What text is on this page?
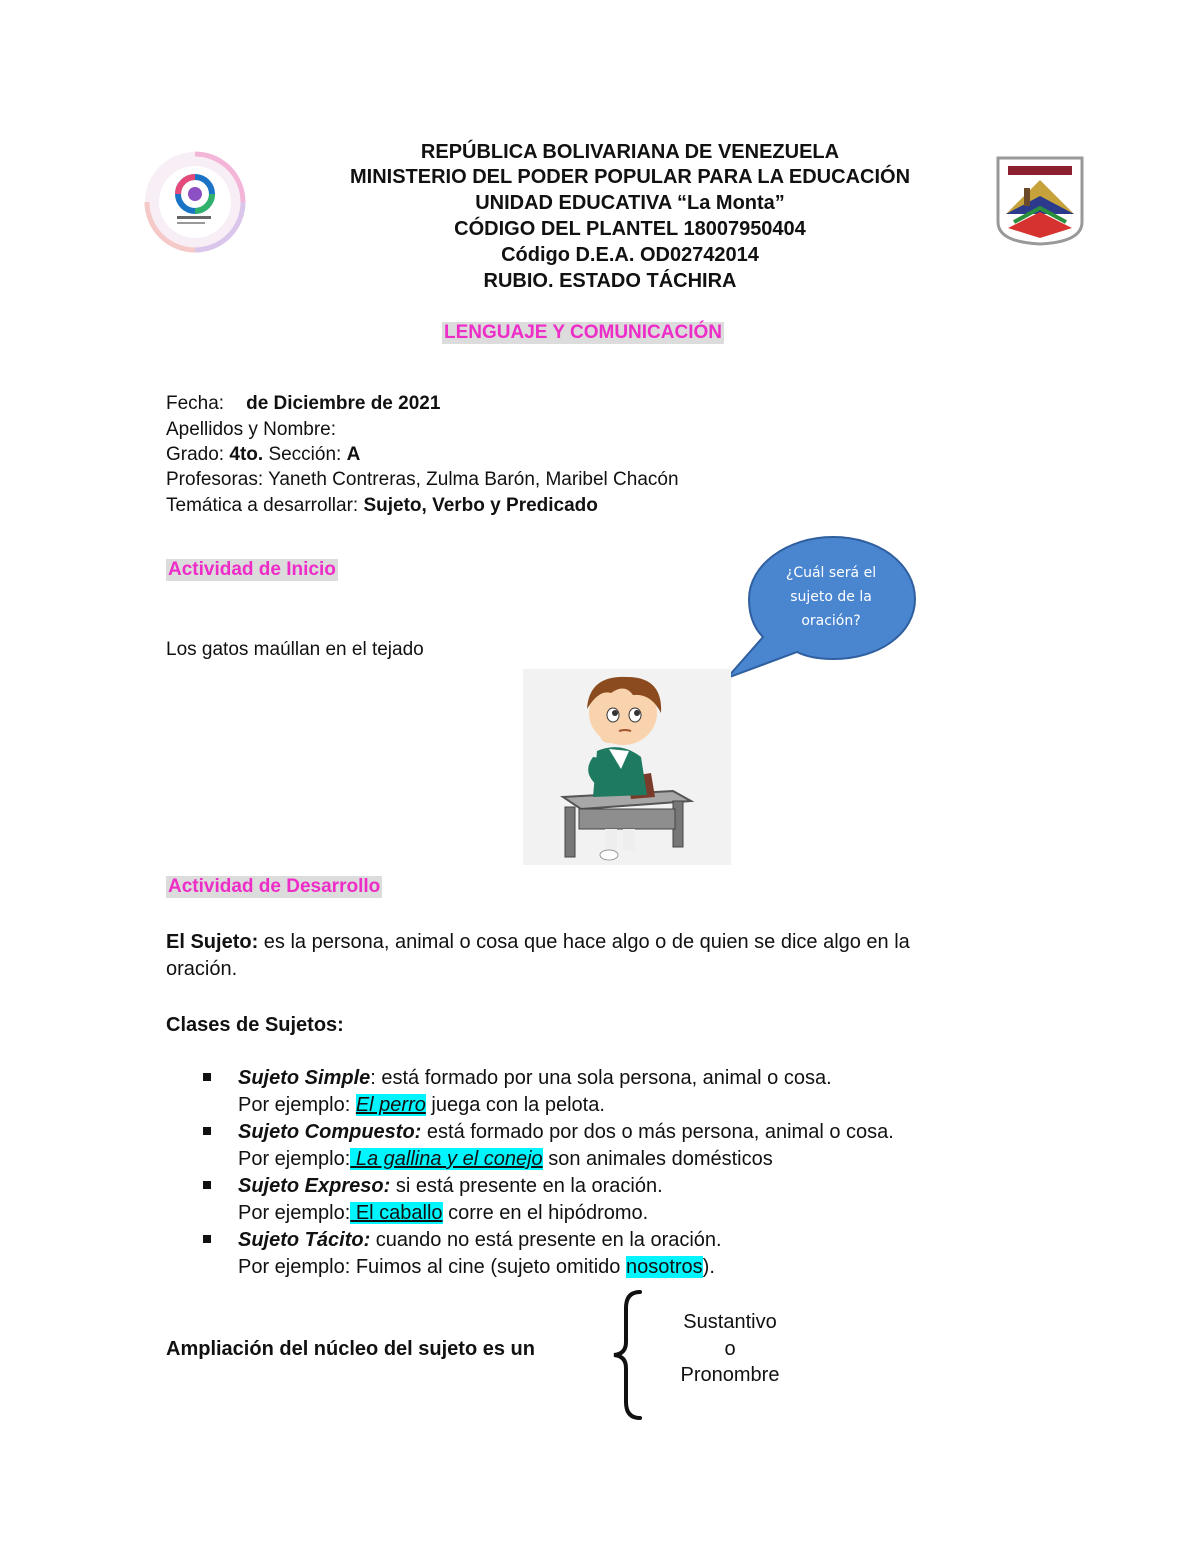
REPÚBLICA BOLIVARIANA DE VENEZUELA
MINISTERIO DEL PODER POPULAR PARA LA EDUCACIÓN
UNIDAD EDUCATIVA “La Monta”
CÓDIGO DEL PLANTEL 18007950404
Código D.E.A. OD02742014
RUBIO. ESTADO TÁCHIRA
LENGUAJE Y COMUNICACIÓN
Fecha: de Diciembre de 2021
Apellidos y Nombre:
Grado: 4to. Sección: A
Profesoras: Yaneth Contreras, Zulma Barón, Maribel Chacón
Temática a desarrollar: Sujeto, Verbo y Predicado
Actividad de Inicio
Los gatos maúllan en el tejado
¿Cuál será el sujeto de la oración?
Actividad de Desarrollo
El Sujeto: es la persona, animal o cosa que hace algo o de quien se dice algo en la
oración.
Clases de Sujetos:
Sujeto Simple: está formado por una sola persona, animal o cosa.
Por ejemplo: El perro juega con la pelota.
Sujeto Compuesto: está formado por dos o más persona, animal o cosa.
Por ejemplo: La gallina y el conejo son animales domésticos
Sujeto Expreso: si está presente en la oración.
Por ejemplo: El caballo corre en el hipódromo.
Sujeto Tácito: cuando no está presente en la oración.
Por ejemplo: Fuimos al cine (sujeto omitido nosotros).
Ampliación del núcleo del sujeto es un
Sustantivo
o
Pronombre
